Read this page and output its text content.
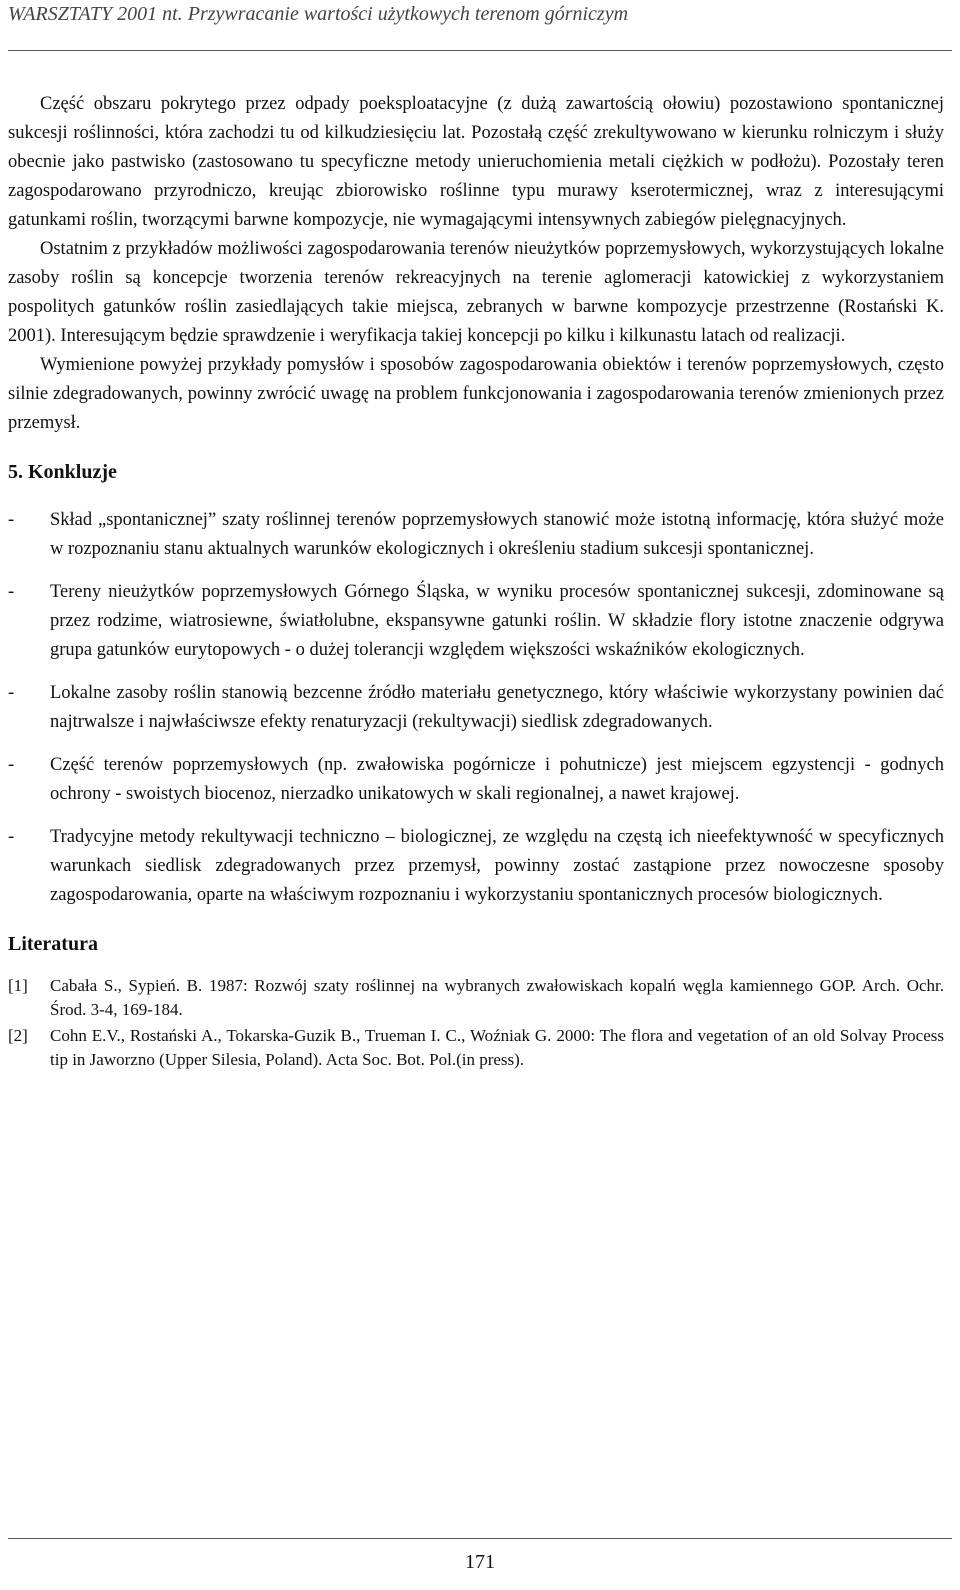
WARSZTATY 2001 nt. Przywracanie wartości użytkowych terenom górniczym

Część obszaru pokrytego przez odpady poeksploatacyjne (z dużą zawartością ołowiu) pozostawiono spontanicznej sukcesji roślinności, która zachodzi tu od kilkudziesięciu lat. Pozostałą część zrekultywowano w kierunku rolniczym i służy obecnie jako pastwisko (zastosowano tu specyficzne metody unieruchomienia metali ciężkich w podłożu). Pozostały teren zagospodarowano przyrodniczo, kreując zbiorowisko roślinne typu murawy kserotermicznej, wraz z interesującymi gatunkami roślin, tworzącymi barwne kompozycje, nie wymagającymi intensywnych zabiegów pielęgnacyjnych.

Ostatnim z przykładów możliwości zagospodarowania terenów nieużytków poprzemysłowych, wykorzystujących lokalne zasoby roślin są koncepcje tworzenia terenów rekreacyjnych na terenie aglomeracji katowickiej z wykorzystaniem pospolitych gatunków roślin zasiedlających takie miejsca, zebranych w barwne kompozycje przestrzenne (Rostański K. 2001). Interesującym będzie sprawdzenie i weryfikacja takiej koncepcji po kilku i kilkunastu latach od realizacji.

Wymienione powyżej przykłady pomysłów i sposobów zagospodarowania obiektów i terenów poprzemysłowych, często silnie zdegradowanych, powinny zwrócić uwagę na problem funkcjonowania i zagospodarowania terenów zmienionych przez przemysł.

5. Konkluzje
- Skład „spontanicznej” szaty roślinnej terenów poprzemysłowych stanowić może istotną informację, która służyć może w rozpoznaniu stanu aktualnych warunków ekologicznych i określeniu stadium sukcesji spontanicznej.
- Tereny nieużytków poprzemysłowych Górnego Śląska, w wyniku procesów spontanicznej sukcesji, zdominowane są przez rodzime, wiatrosiewne, światłolubne, ekspansywne gatunki roślin. W składzie flory istotne znaczenie odgrywa grupa gatunków eurytopowych - o dużej tolerancji względem większości wskaźników ekologicznych.
- Lokalne zasoby roślin stanowią bezcenne źródło materiału genetycznego, który właściwie wykorzystany powinien dać najtrwalsze i najwłaściwsze efekty renaturyzacji (rekultywacji) siedlisk zdegradowanych.
- Część terenów poprzemysłowych (np. zwałowiska pogórnicze i pohutnicze) jest miejscem egzystencji - godnych ochrony - swoistych biocenoz, nierzadko unikatowych w skali regionalnej, a nawet krajowej.
- Tradycyjne metody rekultywacji techniczno – biologicznej, ze względu na częstą ich nieefektywność w specyficznych warunkach siedlisk zdegradowanych przez przemysł, powinny zostać zastąpione przez nowoczesne sposoby zagospodarowania, oparte na właściwym rozpoznaniu i wykorzystaniu spontanicznych procesów biologicznych.
Literatura
[1] Cabała S., Sypień. B. 1987: Rozwój szaty roślinnej na wybranych zwałowiskach kopalń węgla kamiennego GOP. Arch. Ochr. Środ. 3-4, 169-184.
[2] Cohn E.V., Rostański A., Tokarska-Guzik B., Trueman I. C., Woźniak G. 2000: The flora and vegetation of an old Solvay Process tip in Jaworzno (Upper Silesia, Poland). Acta Soc. Bot. Pol.(in press).
171
